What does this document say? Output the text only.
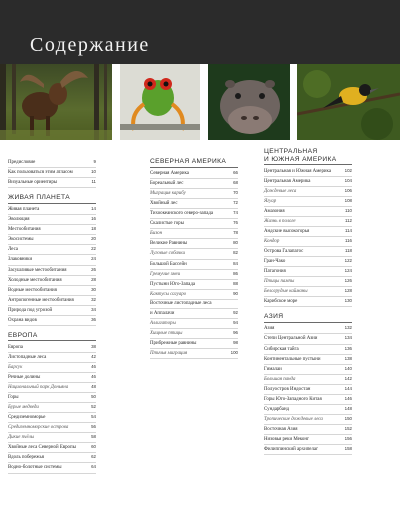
Содержание
Предисловие	9
Как пользоваться этим атласом	10
Визуальные ориентиры	11
ЖИВАЯ ПЛАНЕТА
Живая планета	14
Эволюция	16
Местообитания	18
Экосистемы	20
Леса	22
Злаковники	24
Засушливые местообитания	26
Холодные местообитания	28
Водные местообитания	30
Антропогенные местообитания	32
Природа под угрозой	34
Охрана видов	36
ЕВРОПА
Европа	38
Листопадные леса	42
Барсук	46
Речные долины	46
Национальный парк Доньяна	48
Горы	50
Бурые медведи	52
Средиземноморье	54
Средиземноморские острова	56
Дикие пчёлы	58
Хвойные леса Северной Европы	60
Вдоль побережья	62
Водно-болотные системы	64
СЕВЕРНАЯ АМЕРИКА
Северная Америка	66
Бореальный лес	68
Миграция карибу	70
Хвойный лес	72
Тихоокеанского северо-запада	74
Скалистые горы	76
Бизон	78
Великие Равнины	80
Луговые собачки	82
Большой Бассейн	84
Гремучие змеи	86
Пустыни Юго-Запада	88
Кактусы сагуаро	90
Восточные листопадные леса
и Аппалачи	92
Аллигаторы	94
Хищные птицы	96
Прибрежные равнины	98
Птичья миграция	100
ЦЕНТРАЛЬНАЯ
И ЮЖНАЯ АМЕРИКА
Центральная и Южная Америка	102
Центральная Америка	104
Дождевые леса	106
Ягуар	108
Амазония	110
Жизнь в пологе	112
Андские высокогорья	114
Кондор	116
Острова Галапагос	118
Гран-Чако	122
Патагония	124
Птицы пампы	126
Белогрудые кайманы	128
Карибское море	130
АЗИЯ
Азия	132
Степи Центральной Азии	134
Сибирская тайга	136
Континентальные пустыни	138
Гималаи	140
Большая панда	142
Полуостров Индостан	144
Горы Юго-Западного Китая	146
Сундарбанд	148
Тропические дождевые леса	150
Восточная Азия	152
Низовья реки Меконг	156
Филиппинский архипелаг	158
